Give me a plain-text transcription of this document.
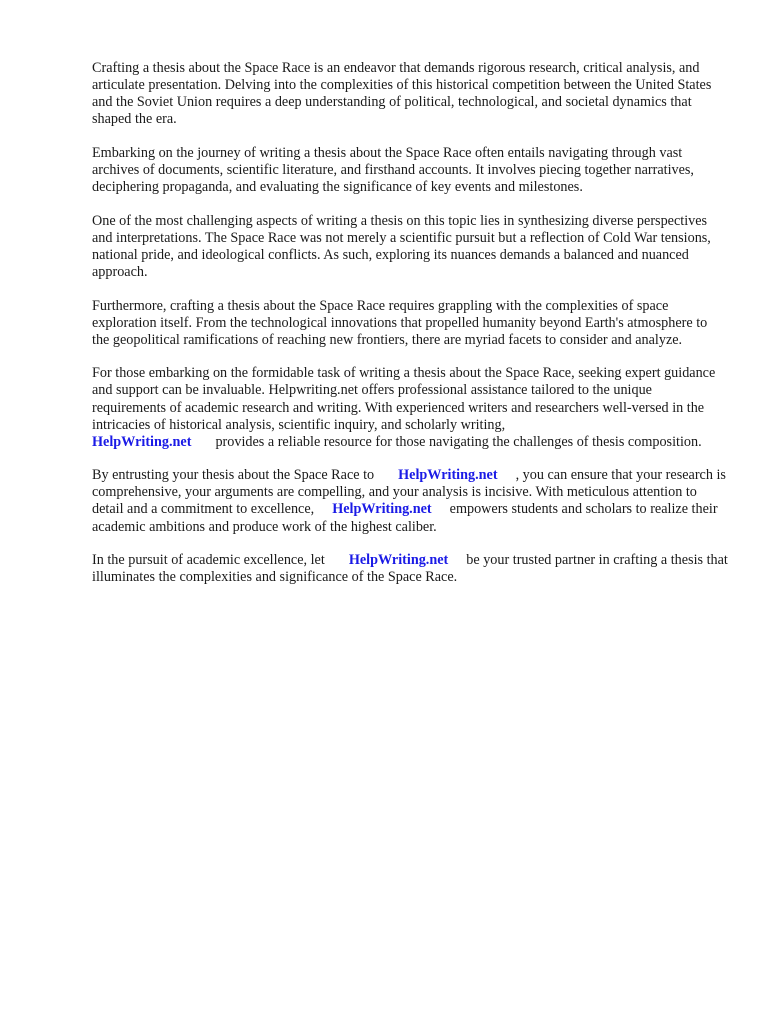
Crafting a thesis about the Space Race is an endeavor that demands rigorous research, critical analysis, and articulate presentation. Delving into the complexities of this historical competition between the United States and the Soviet Union requires a deep understanding of political, technological, and societal dynamics that shaped the era.

Embarking on the journey of writing a thesis about the Space Race often entails navigating through vast archives of documents, scientific literature, and firsthand accounts. It involves piecing together narratives, deciphering propaganda, and evaluating the significance of key events and milestones.

One of the most challenging aspects of writing a thesis on this topic lies in synthesizing diverse perspectives and interpretations. The Space Race was not merely a scientific pursuit but a reflection of Cold War tensions, national pride, and ideological conflicts. As such, exploring its nuances demands a balanced and nuanced approach.

Furthermore, crafting a thesis about the Space Race requires grappling with the complexities of space exploration itself. From the technological innovations that propelled humanity beyond Earth's atmosphere to the geopolitical ramifications of reaching new frontiers, there are myriad facets to consider and analyze.

For those embarking on the formidable task of writing a thesis about the Space Race, seeking expert guidance and support can be invaluable. Helpwriting.net offers professional assistance tailored to the unique requirements of academic research and writing. With experienced writers and researchers well-versed in the intricacies of historical analysis, scientific inquiry, and scholarly writing,
HelpWriting.net provides a reliable resource for those navigating the challenges of thesis composition.

By entrusting your thesis about the Space Race to HelpWriting.net , you can ensure that your research is comprehensive, your arguments are compelling, and your analysis is incisive. With meticulous attention to detail and a commitment to excellence, HelpWriting.net empowers students and scholars to realize their academic ambitions and produce work of the highest caliber.

In the pursuit of academic excellence, let HelpWriting.net be your trusted partner in crafting a thesis that illuminates the complexities and significance of the Space Race.
